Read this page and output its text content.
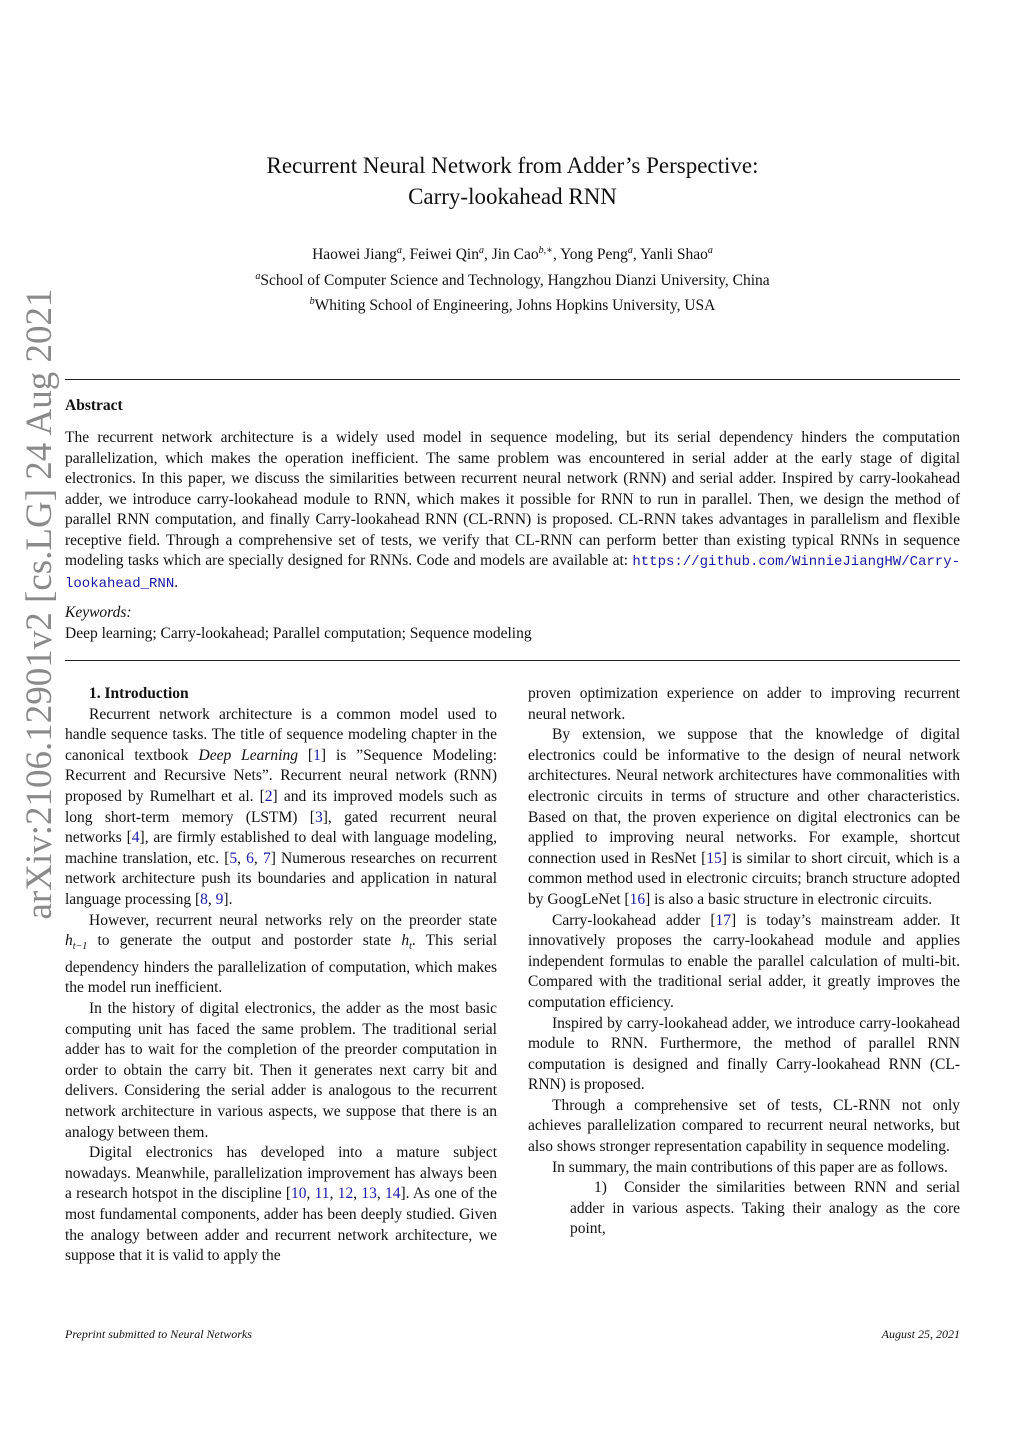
arXiv:2106.12901v2 [cs.LG] 24 Aug 2021
Recurrent Neural Network from Adder’s Perspective:
Carry-lookahead RNN
Haowei Jiang$^a$, Feiwei Qin$^a$, Jin Cao$^{b,∗}$, Yong Peng$^a$, Yanli Shao$^a$
$^a$School of Computer Science and Technology, Hangzhou Dianzi University, China
$^b$Whiting School of Engineering, Johns Hopkins University, USA
Abstract
The recurrent network architecture is a widely used model in sequence modeling, but its serial dependency hinders the computation parallelization, which makes the operation inefficient. The same problem was encountered in serial adder at the early stage of digital electronics. In this paper, we discuss the similarities between recurrent neural network (RNN) and serial adder. Inspired by carry-lookahead adder, we introduce carry-lookahead module to RNN, which makes it possible for RNN to run in parallel. Then, we design the method of parallel RNN computation, and finally Carry-lookahead RNN (CL-RNN) is proposed. CL-RNN takes advantages in parallelism and flexible receptive field. Through a comprehensive set of tests, we verify that CL-RNN can perform better than existing typical RNNs in sequence modeling tasks which are specially designed for RNNs. Code and models are available at: https://github.com/WinnieJiangHW/Carry-lookahead_RNN.
Keywords:
Deep learning; Carry-lookahead; Parallel computation; Sequence modeling

1. Introduction

Recurrent network architecture is a common model used to handle sequence tasks. The title of sequence modeling chapter in the canonical textbook Deep Learning [1] is ”Sequence Modeling: Recurrent and Recursive Nets”. Recurrent neural network (RNN) proposed by Rumelhart et al. [2] and its improved models such as long short-term memory (LSTM) [3], gated recurrent neural networks [4], are firmly established to deal with language modeling, machine translation, etc. [5, 6, 7] Numerous researches on recurrent network architecture push its boundaries and application in natural language processing [8, 9].

However, recurrent neural networks rely on the preorder state $h_{t-1}$ to generate the output and postorder state $h_t$. This serial dependency hinders the parallelization of computation, which makes the model run inefficient.

In the history of digital electronics, the adder as the most basic computing unit has faced the same problem. The traditional serial adder has to wait for the completion of the preorder computation in order to obtain the carry bit. Then it generates next carry bit and delivers. Considering the serial adder is analogous to the recurrent network architecture in various aspects, we suppose that there is an analogy between them.

Digital electronics has developed into a mature subject nowadays. Meanwhile, parallelization improvement has always been a research hotspot in the discipline [10, 11, 12, 13, 14]. As one of the most fundamental components, adder has been deeply studied. Given the analogy between adder and recurrent network architecture, we suppose that it is valid to apply the

proven optimization experience on adder to improving recurrent neural network.

By extension, we suppose that the knowledge of digital electronics could be informative to the design of neural network architectures. Neural network architectures have commonalities with electronic circuits in terms of structure and other characteristics. Based on that, the proven experience on digital electronics can be applied to improving neural networks. For example, shortcut connection used in ResNet [15] is similar to short circuit, which is a common method used in electronic circuits; branch structure adopted by GoogLeNet [16] is also a basic structure in electronic circuits.

Carry-lookahead adder [17] is today’s mainstream adder. It innovatively proposes the carry-lookahead module and applies independent formulas to enable the parallel calculation of multi-bit. Compared with the traditional serial adder, it greatly improves the computation efficiency.

Inspired by carry-lookahead adder, we introduce carry-lookahead module to RNN. Furthermore, the method of parallel RNN computation is designed and finally Carry-lookahead RNN (CL-RNN) is proposed.

Through a comprehensive set of tests, CL-RNN not only achieves parallelization compared to recurrent neural networks, but also shows stronger representation capability in sequence modeling.

In summary, the main contributions of this paper are as follows.

1) Consider the similarities between RNN and serial adder in various aspects. Taking their analogy as the core point,

Preprint submitted to Neural Networks	August 25, 2021
